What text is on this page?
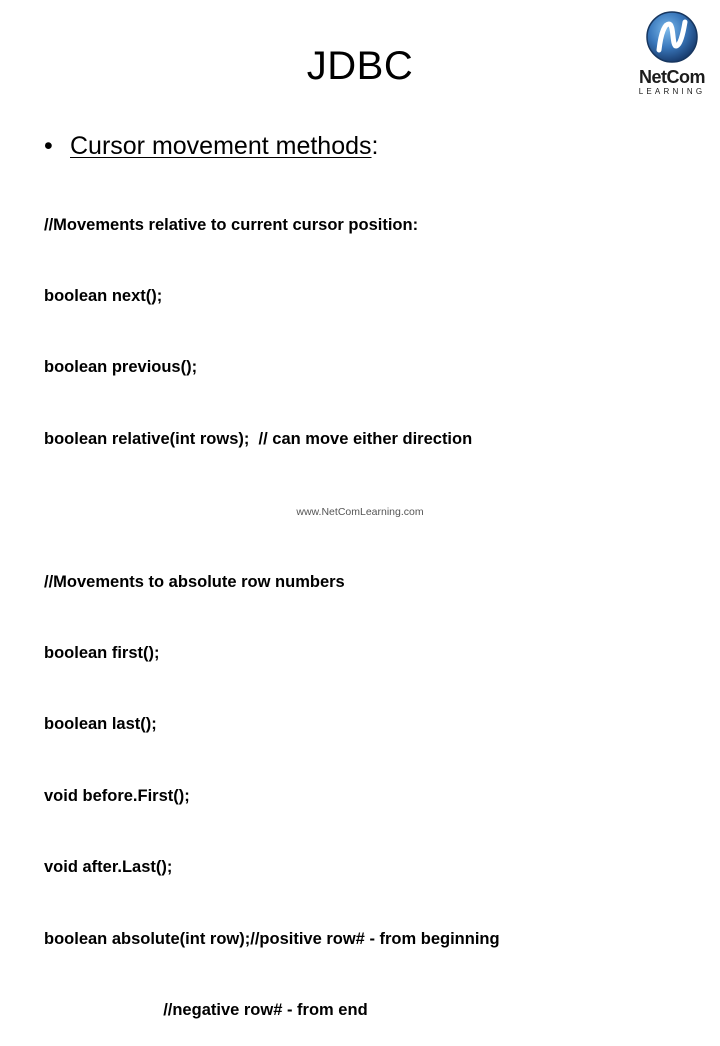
JDBC	NetCom
LEARNING
• Cursor movement methods:

//Movements relative to current cursor position:

boolean next();

boolean previous();

boolean relative(int rows);  // can move either direction

//Movements to absolute row numbers

boolean first();

boolean last();

void before.First();

void after.Last();

boolean absolute(int row);//positive row# - from beginning

//negative row# - from end

www.NetComLearning.com
